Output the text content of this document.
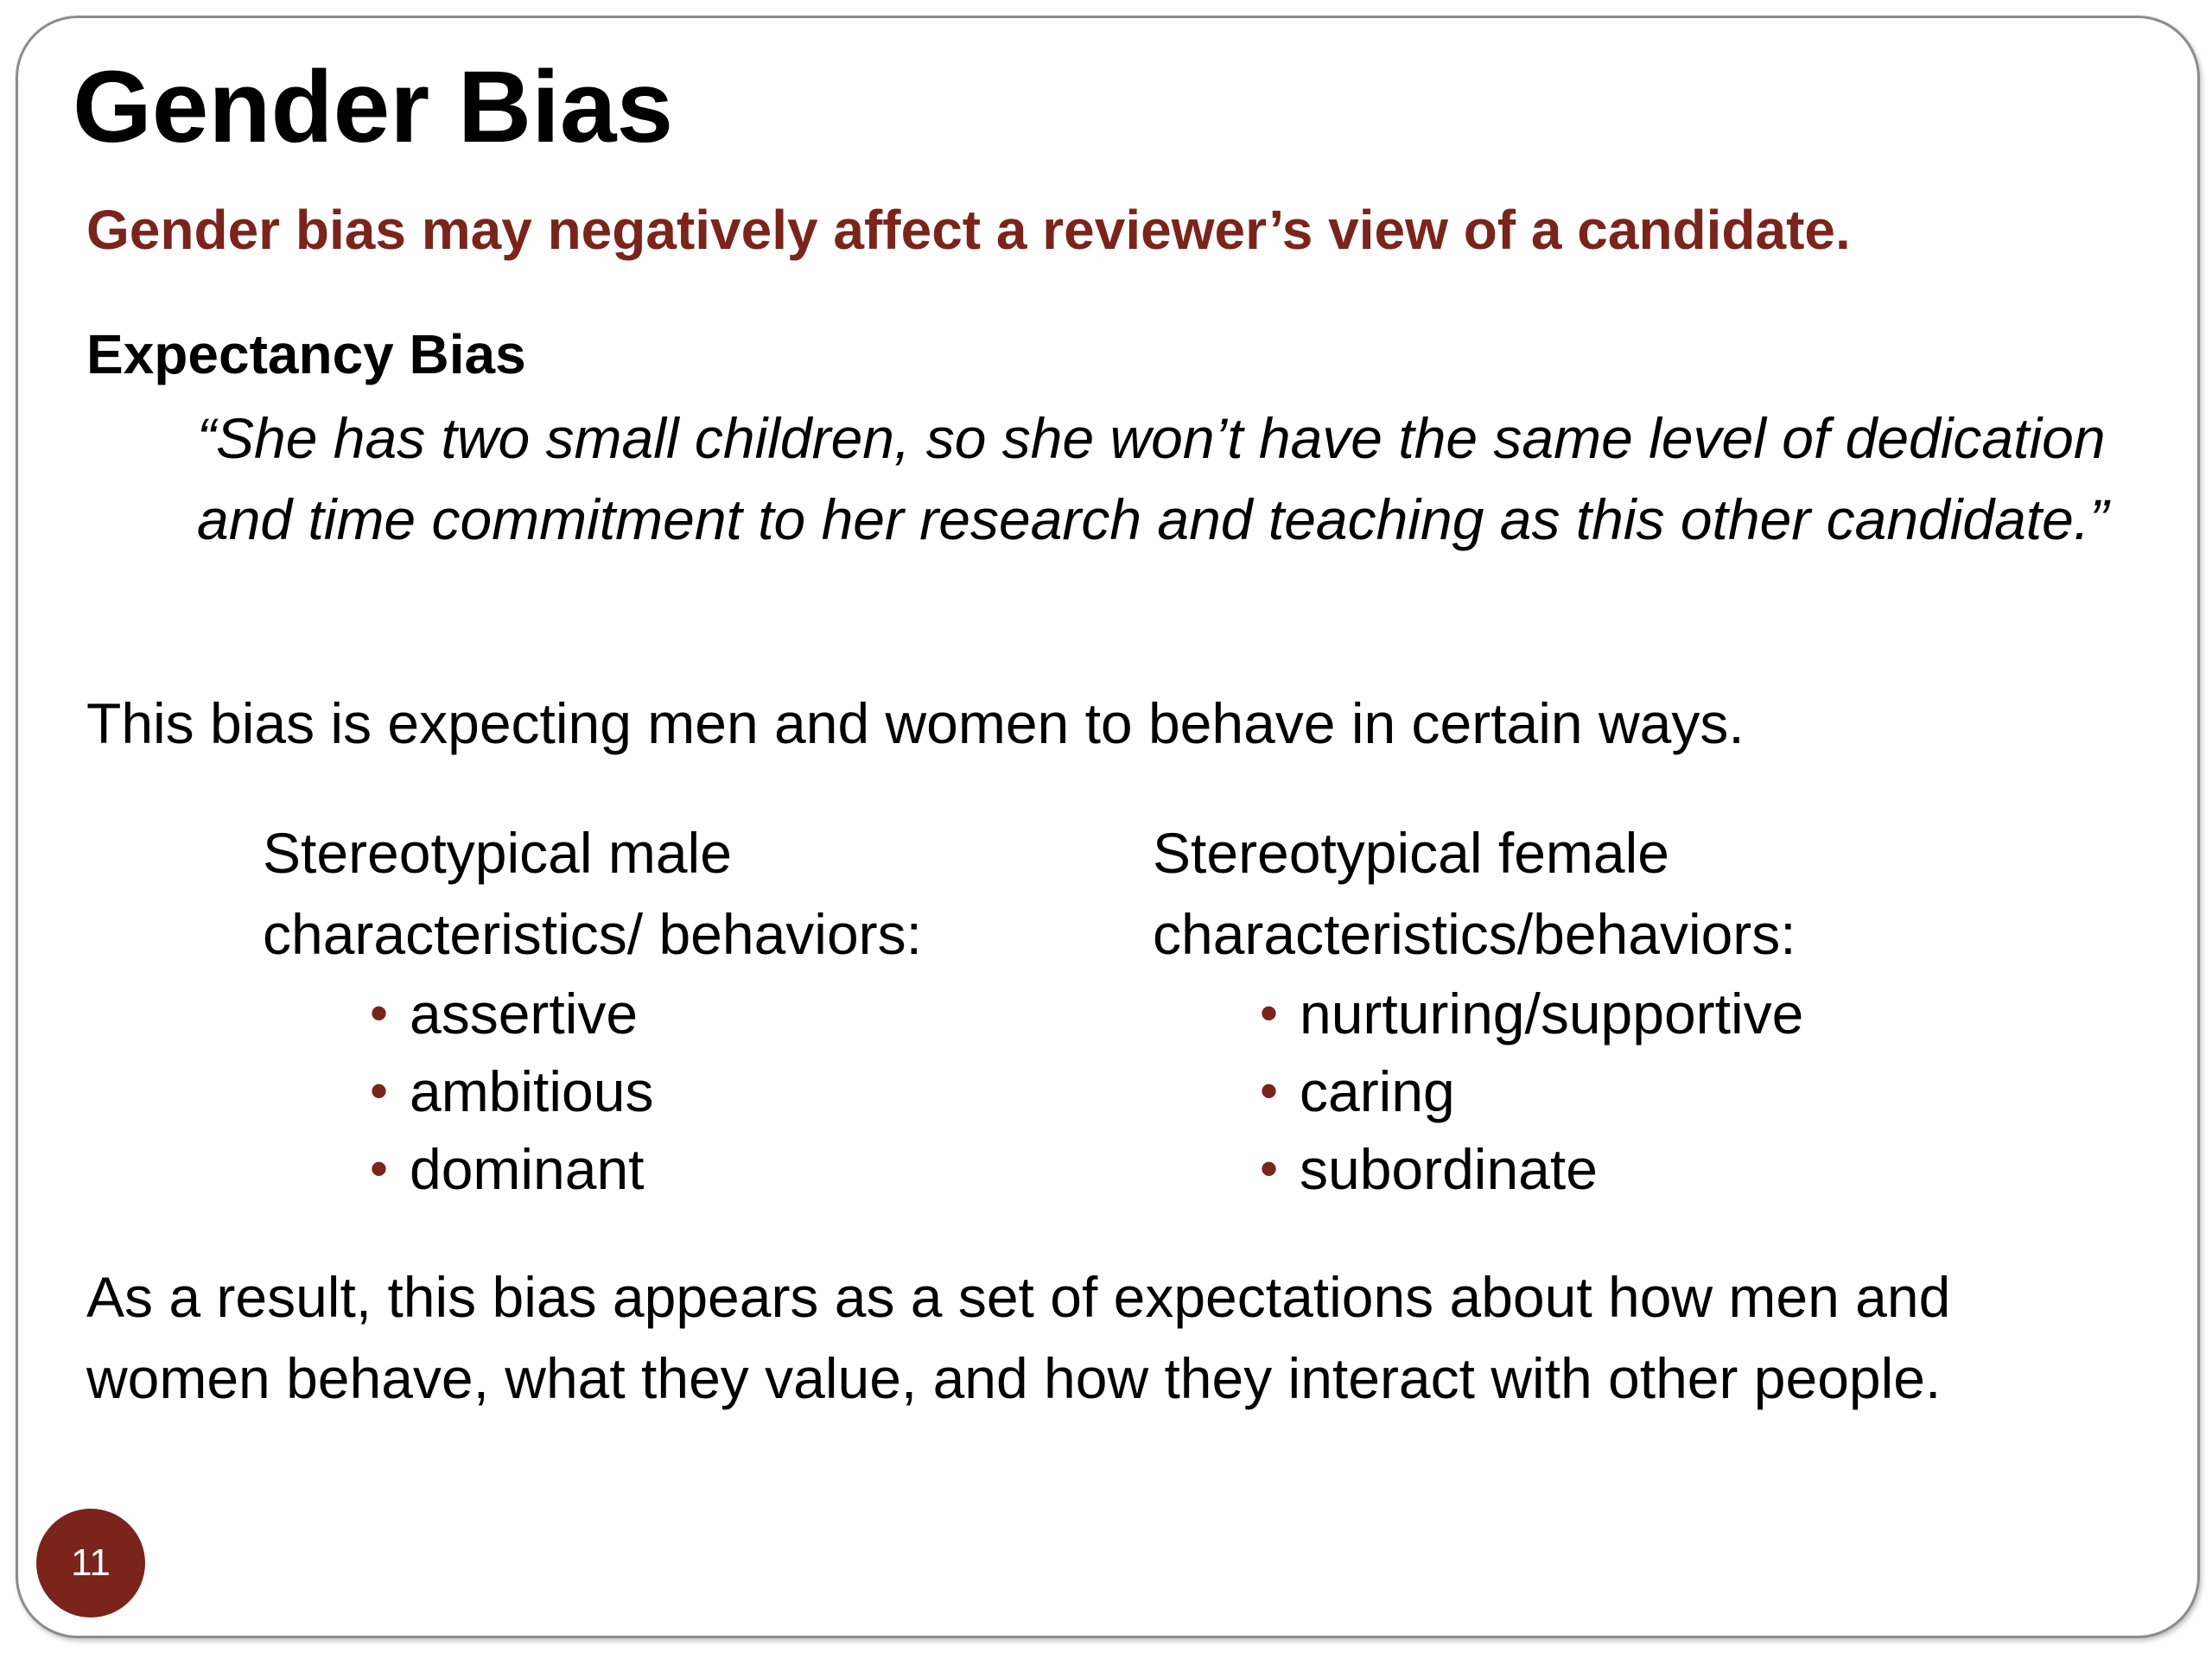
Gender Bias
Gender bias may negatively affect a reviewer’s view of a candidate.
Expectancy Bias
“She has two small children, so she won’t have the same level of dedication and time commitment to her research and teaching as this other candidate.”
This bias is expecting men and women to behave in certain ways.
Stereotypical male
characteristics/ behaviors:
• assertive
• ambitious
• dominant
Stereotypical female
characteristics/behaviors:
• nurturing/supportive
• caring
• subordinate
As a result, this bias appears as a set of expectations about how men and women behave, what they value, and how they interact with other people.
11
